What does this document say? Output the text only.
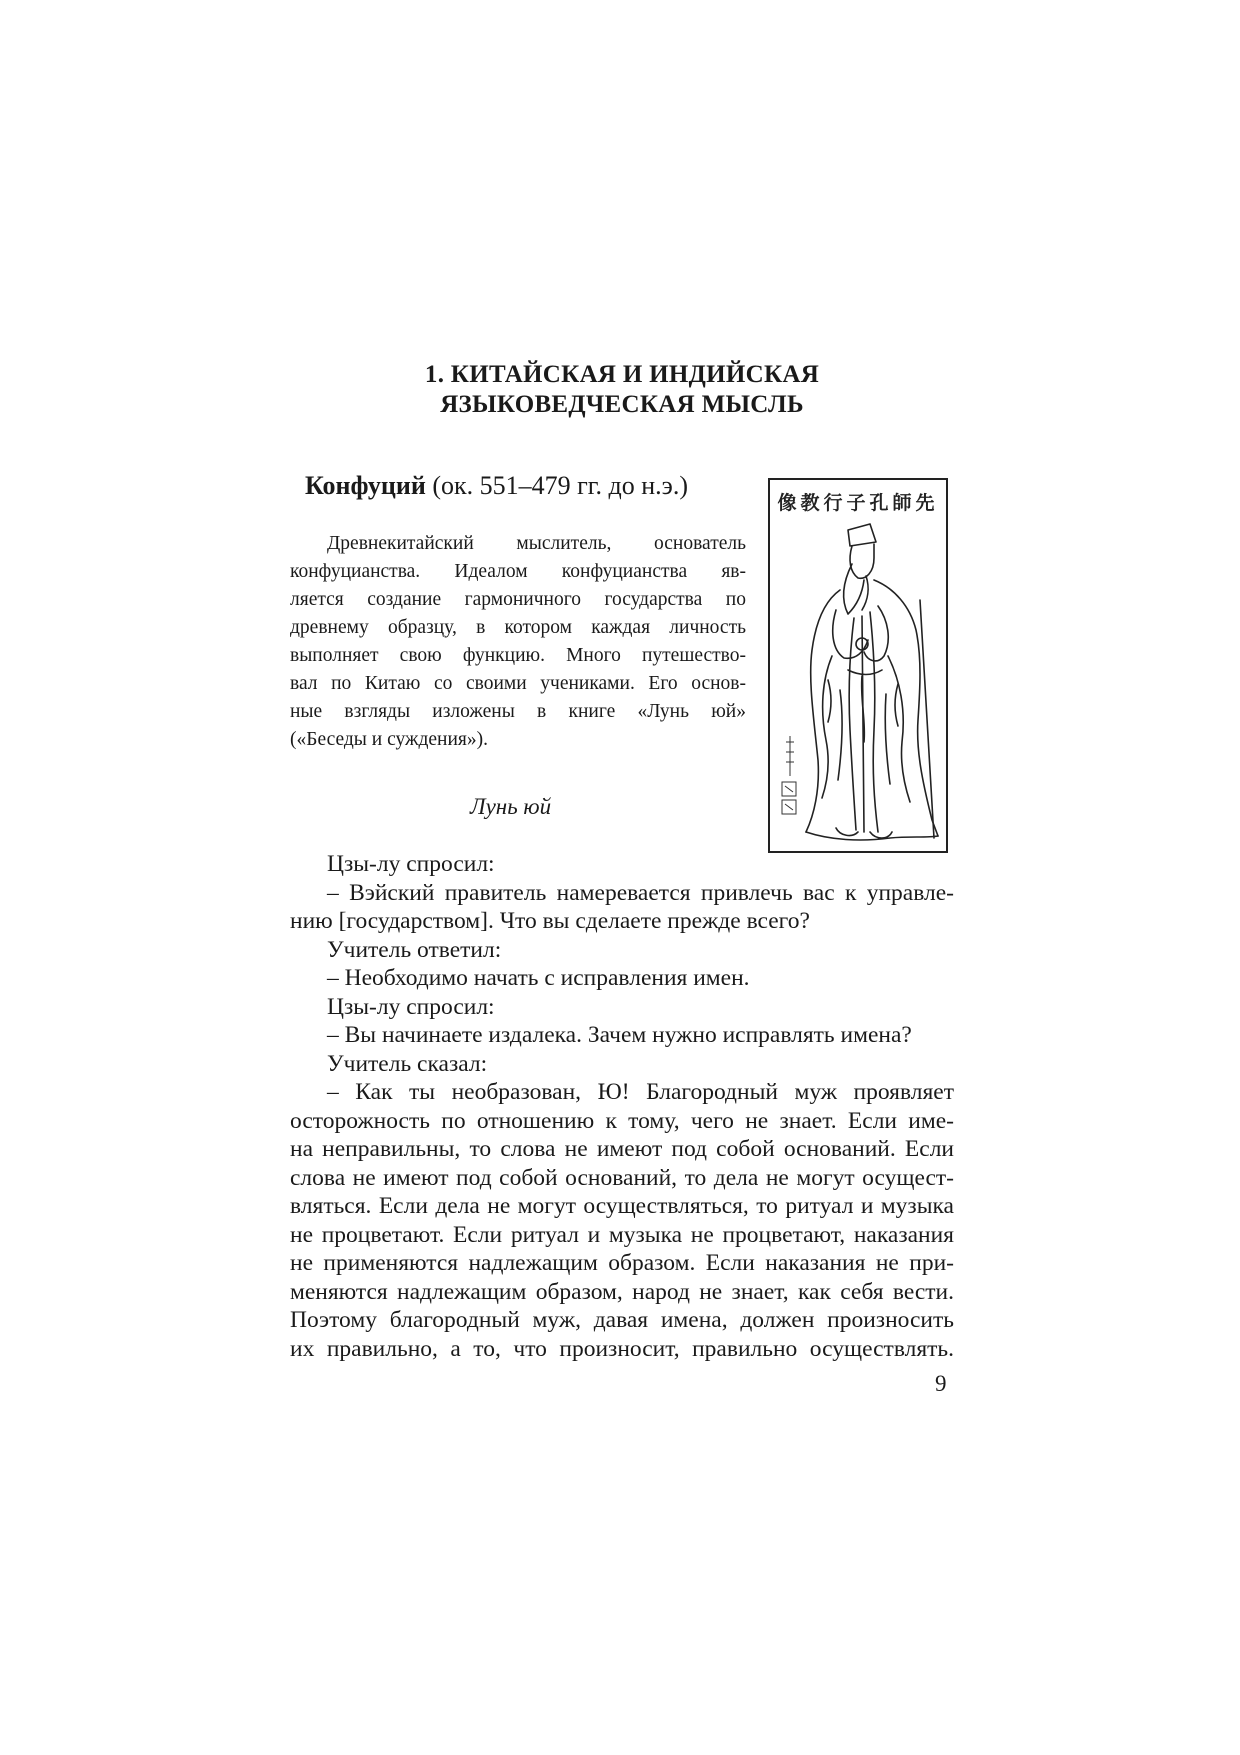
1. КИТАЙСКАЯ И ИНДИЙСКАЯ
ЯЗЫКОВЕДЧЕСКАЯ МЫСЛЬ
Конфуций (ок. 551–479 гг. до н.э.)
Древнекитайский мыслитель, основатель
конфуцианства. Идеалом конфуцианства яв-
ляется создание гармоничного государства по
древнему образцу, в котором каждая личность
выполняет свою функцию. Много путешество-
вал по Китаю со своими учениками. Его основ-
ные взгляды изложены в книге «Лунь юй»
(«Беседы и суждения»).
像教行子孔師先
Лунь юй
Цзы-лу спросил:
– Вэйский правитель намеревается привлечь вас к управле-
нию [государством]. Что вы сделаете прежде всего?
Учитель ответил:
– Необходимо начать с исправления имен.
Цзы-лу спросил:
– Вы начинаете издалека. Зачем нужно исправлять имена?
Учитель сказал:
– Как ты необразован, Ю! Благородный муж проявляет
осторожность по отношению к тому, чего не знает. Если име-
на неправильны, то слова не имеют под собой оснований. Если
слова не имеют под собой оснований, то дела не могут осущест-
вляться. Если дела не могут осуществляться, то ритуал и музыка
не процветают. Если ритуал и музыка не процветают, наказания
не применяются надлежащим образом. Если наказания не при-
меняются надлежащим образом, народ не знает, как себя вести.
Поэтому благородный муж, давая имена, должен произносить
их правильно, а то, что произносит, правильно осуществлять.
9
